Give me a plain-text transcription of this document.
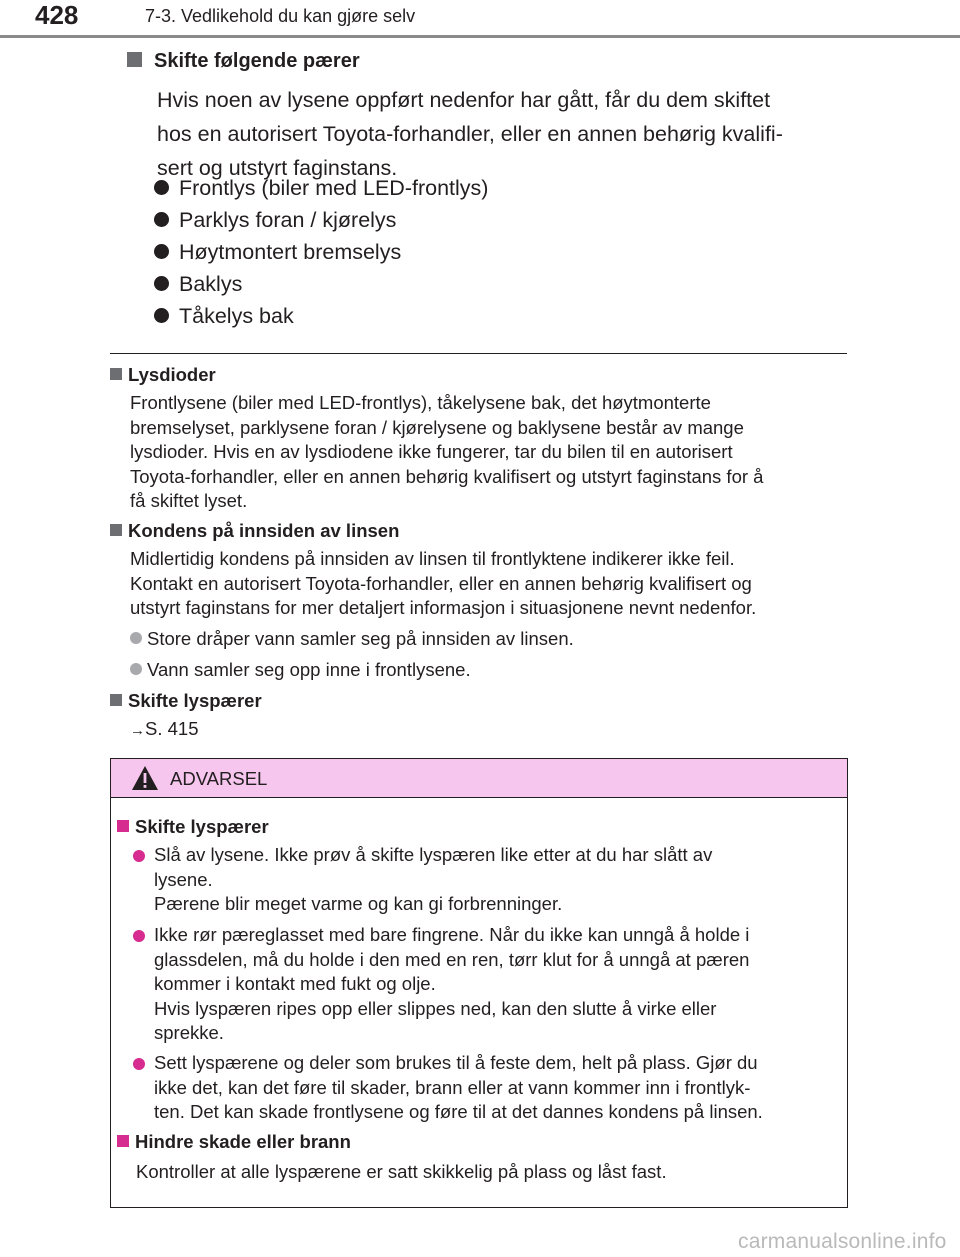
428	7-3. Vedlikehold du kan gjøre selv
Skifte følgende pærer
Hvis noen av lysene oppført nedenfor har gått, får du dem skiftet
hos en autorisert Toyota-forhandler, eller en annen behørig kvalifi-
sert og utstyrt faginstans.
Frontlys (biler med LED-frontlys)
Parklys foran / kjørelys
Høytmontert bremselys
Baklys
Tåkelys bak
Lysdioder
Frontlysene (biler med LED-frontlys), tåkelysene bak, det høytmonterte
bremselyset, parklysene foran / kjørelysene og baklysene består av mange
lysdioder. Hvis en av lysdiodene ikke fungerer, tar du bilen til en autorisert
Toyota-forhandler, eller en annen behørig kvalifisert og utstyrt faginstans for å
få skiftet lyset.
Kondens på innsiden av linsen
Midlertidig kondens på innsiden av linsen til frontlyktene indikerer ikke feil.
Kontakt en autorisert Toyota-forhandler, eller en annen behørig kvalifisert og
utstyrt faginstans for mer detaljert informasjon i situasjonene nevnt nedenfor.
Store dråper vann samler seg på innsiden av linsen.
Vann samler seg opp inne i frontlysene.
Skifte lyspærer
→S. 415
ADVARSEL
Skifte lyspærer
Slå av lysene. Ikke prøv å skifte lyspæren like etter at du har slått av
lysene.
Pærene blir meget varme og kan gi forbrenninger.
Ikke rør pæreglasset med bare fingrene. Når du ikke kan unngå å holde i
glassdelen, må du holde i den med en ren, tørr klut for å unngå at pæren
kommer i kontakt med fukt og olje.
Hvis lyspæren ripes opp eller slippes ned, kan den slutte å virke eller
sprekke.
Sett lyspærene og deler som brukes til å feste dem, helt på plass. Gjør du
ikke det, kan det føre til skader, brann eller at vann kommer inn i frontlyk-
ten. Det kan skade frontlysene og føre til at det dannes kondens på linsen.
Hindre skade eller brann
Kontroller at alle lyspærene er satt skikkelig på plass og låst fast.
carmanualsonline.info
